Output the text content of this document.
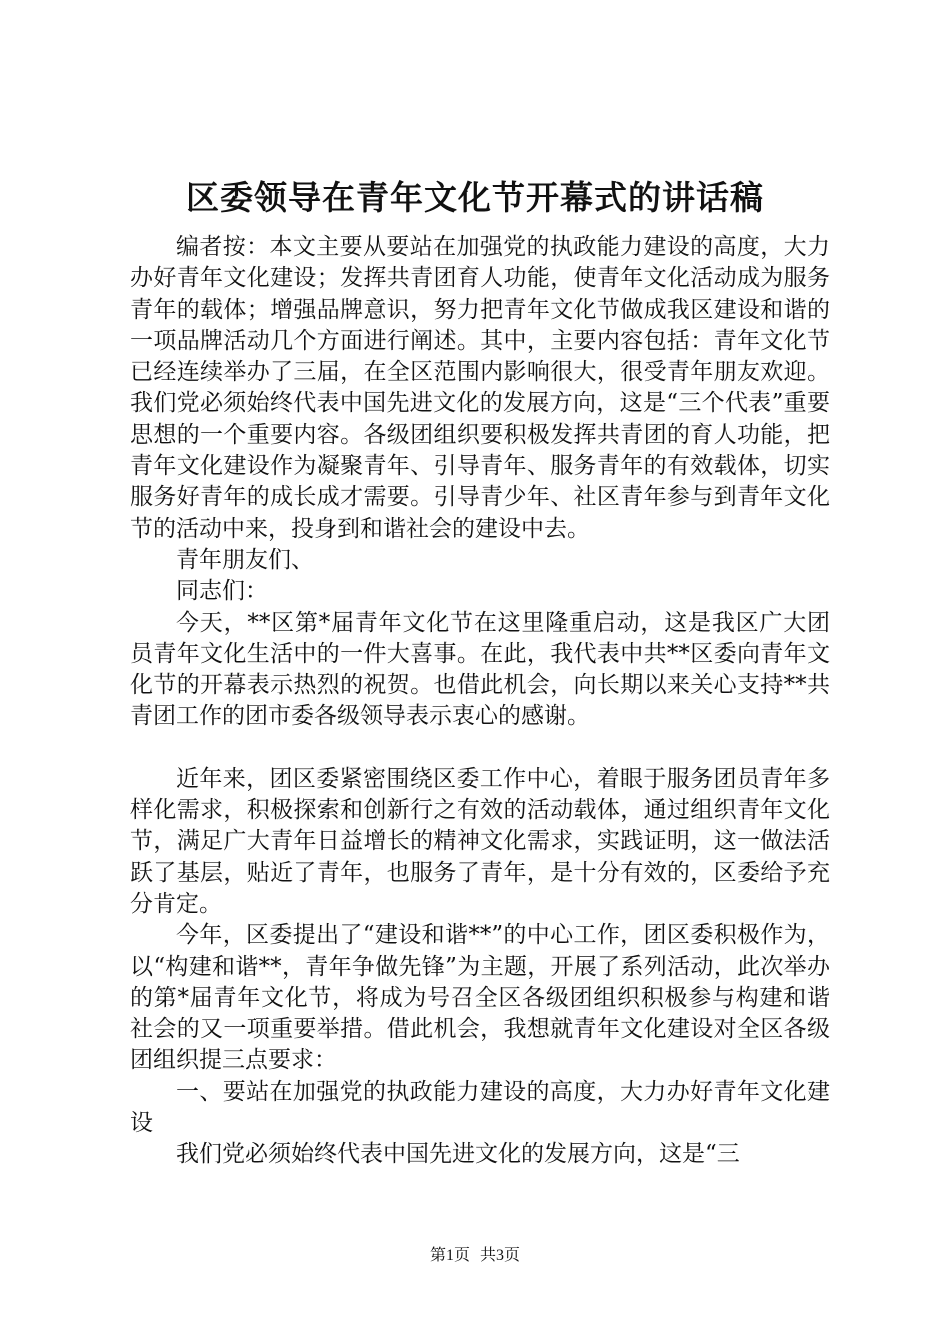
区委领导在青年文化节开幕式的讲话稿

编者按：本文主要从要站在加强党的执政能力建设的高度，大力办好青年文化建设；发挥共青团育人功能，使青年文化活动成为服务青年的载体；增强品牌意识，努力把青年文化节做成我区建设和谐的一项品牌活动几个方面进行阐述。其中，主要内容包括：青年文化节已经连续举办了三届，在全区范围内影响很大，很受青年朋友欢迎。我们党必须始终代表中国先进文化的发展方向，这是“三个代表”重要思想的一个重要内容。各级团组织要积极发挥共青团的育人功能，把青年文化建设作为凝聚青年、引导青年、服务青年的有效载体，切实服务好青年的成长成才需要。引导青少年、社区青年参与到青年文化节的活动中来，投身到和谐社会的建设中去。

青年朋友们、

同志们：

今天，**区第*届青年文化节在这里隆重启动，这是我区广大团员青年文化生活中的一件大喜事。在此，我代表中共**区委向青年文化节的开幕表示热烈的祝贺。也借此机会，向长期以来关心支持**共青团工作的团市委各级领导表示衷心的感谢。

近年来，团区委紧密围绕区委工作中心，着眼于服务团员青年多样化需求，积极探索和创新行之有效的活动载体，通过组织青年文化节，满足广大青年日益增长的精神文化需求，实践证明，这一做法活跃了基层，贴近了青年，也服务了青年，是十分有效的，区委给予充分肯定。

今年，区委提出了“建设和谐**”的中心工作，团区委积极作为，以“构建和谐**，青年争做先锋”为主题，开展了系列活动，此次举办的第*届青年文化节，将成为号召全区各级团组织积极参与构建和谐社会的又一项重要举措。借此机会，我想就青年文化建设对全区各级团组织提三点要求：

一、要站在加强党的执政能力建设的高度，大力办好青年文化建设

我们党必须始终代表中国先进文化的发展方向，这是“三

第1页 共3页
